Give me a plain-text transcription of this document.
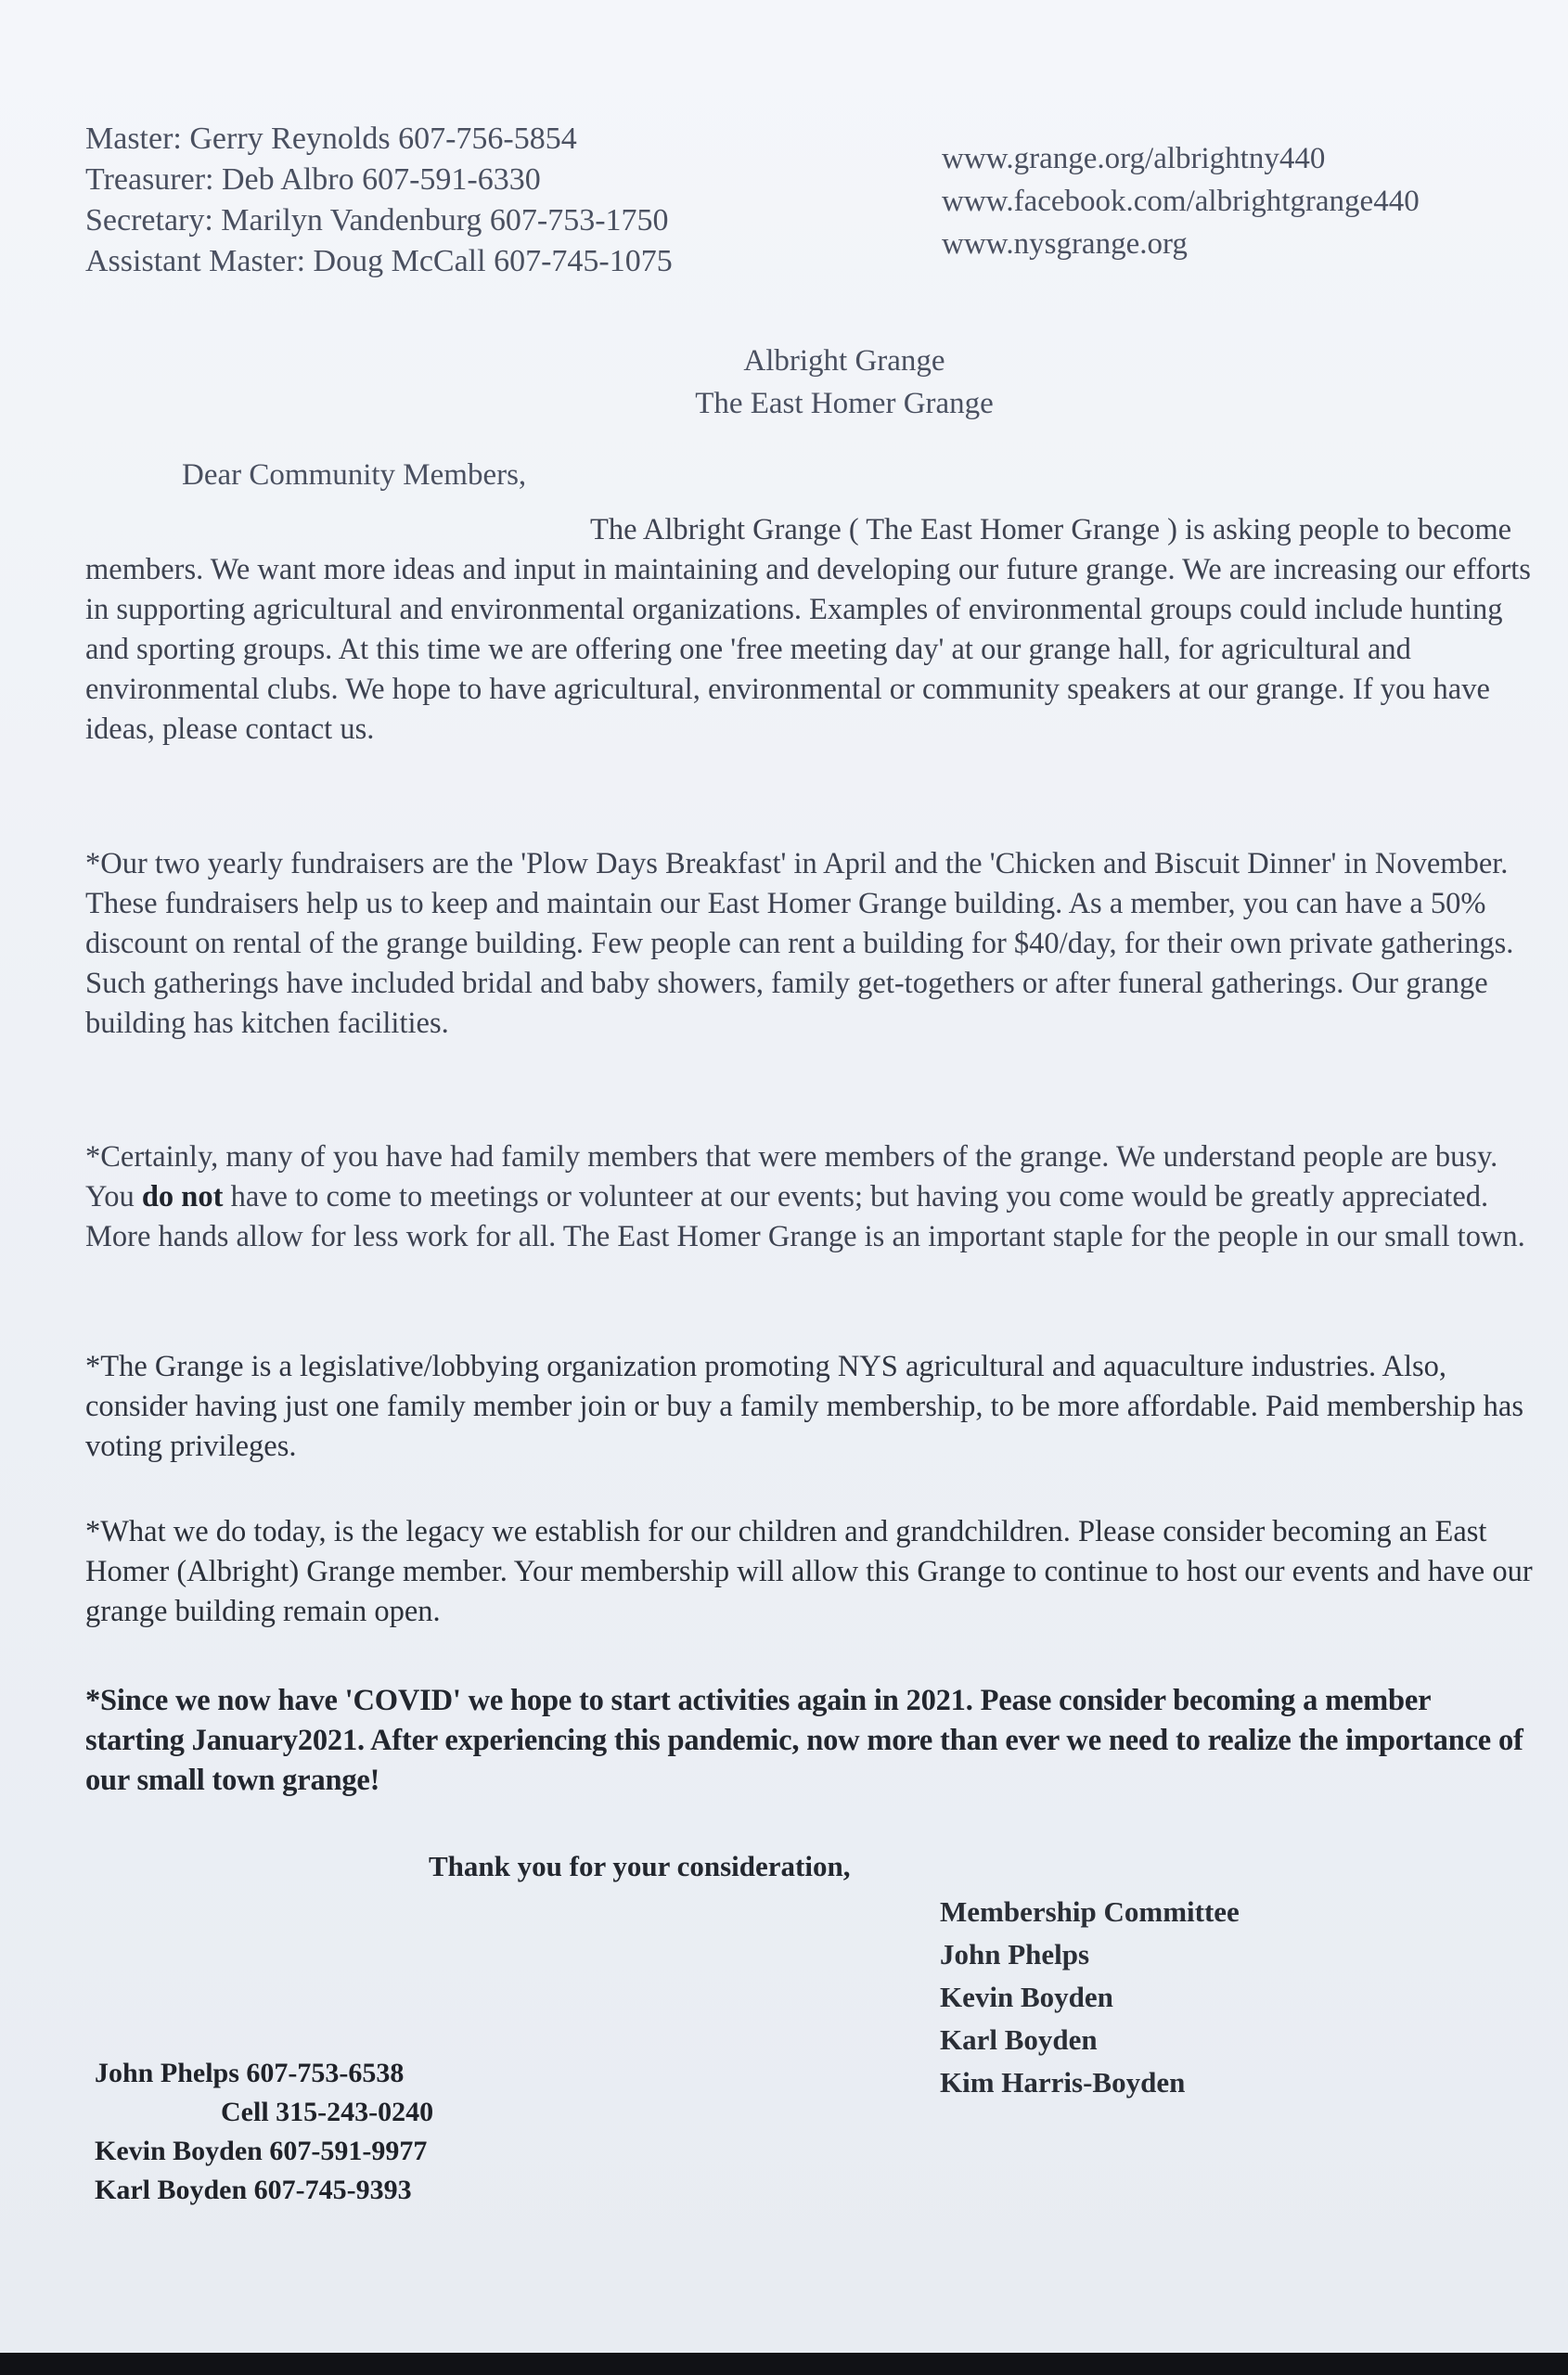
Master: Gerry Reynolds 607-756-5854
Treasurer: Deb Albro 607-591-6330
Secretary: Marilyn Vandenburg 607-753-1750
Assistant Master: Doug McCall 607-745-1075
www.grange.org/albrightny440
www.facebook.com/albrightgrange440
www.nysgrange.org
Albright Grange
The East Homer Grange
Dear Community Members,

The Albright Grange ( The East Homer Grange ) is asking people to become members. We want more ideas and input in maintaining and developing our future grange. We are increasing our efforts in supporting agricultural and environmental organizations. Examples of environmental groups could include hunting and sporting groups. At this time we are offering one 'free meeting day' at our grange hall, for agricultural and environmental clubs. We hope to have agricultural, environmental or community speakers at our grange. If you have ideas, please contact us.

*Our two yearly fundraisers are the 'Plow Days Breakfast' in April and the 'Chicken and Biscuit Dinner' in November. These fundraisers help us to keep and maintain our East Homer Grange building. As a member, you can have a 50% discount on rental of the grange building. Few people can rent a building for $40/day, for their own private gatherings. Such gatherings have included bridal and baby showers, family get-togethers or after funeral gatherings. Our grange building has kitchen facilities.

*Certainly, many of you have had family members that were members of the grange. We understand people are busy. You do not have to come to meetings or volunteer at our events; but having you come would be greatly appreciated. More hands allow for less work for all. The East Homer Grange is an important staple for the people in our small town.

*The Grange is a legislative/lobbying organization promoting NYS agricultural and aquaculture industries. Also, consider having just one family member join or buy a family membership, to be more affordable. Paid membership has voting privileges.

*What we do today, is the legacy we establish for our children and grandchildren. Please consider becoming an East Homer (Albright) Grange member. Your membership will allow this Grange to continue to host our events and have our grange building remain open.

*Since we now have 'COVID' we hope to start activities again in 2021. Pease consider becoming a member starting January2021. After experiencing this pandemic, now more than ever we need to realize the importance of our small town grange!

Thank you for your consideration,
Membership Committee
John Phelps
Kevin Boyden
Karl Boyden
Kim Harris-Boyden
John Phelps 607-753-6538
Cell 315-243-0240
Kevin Boyden 607-591-9977
Karl Boyden 607-745-9393
